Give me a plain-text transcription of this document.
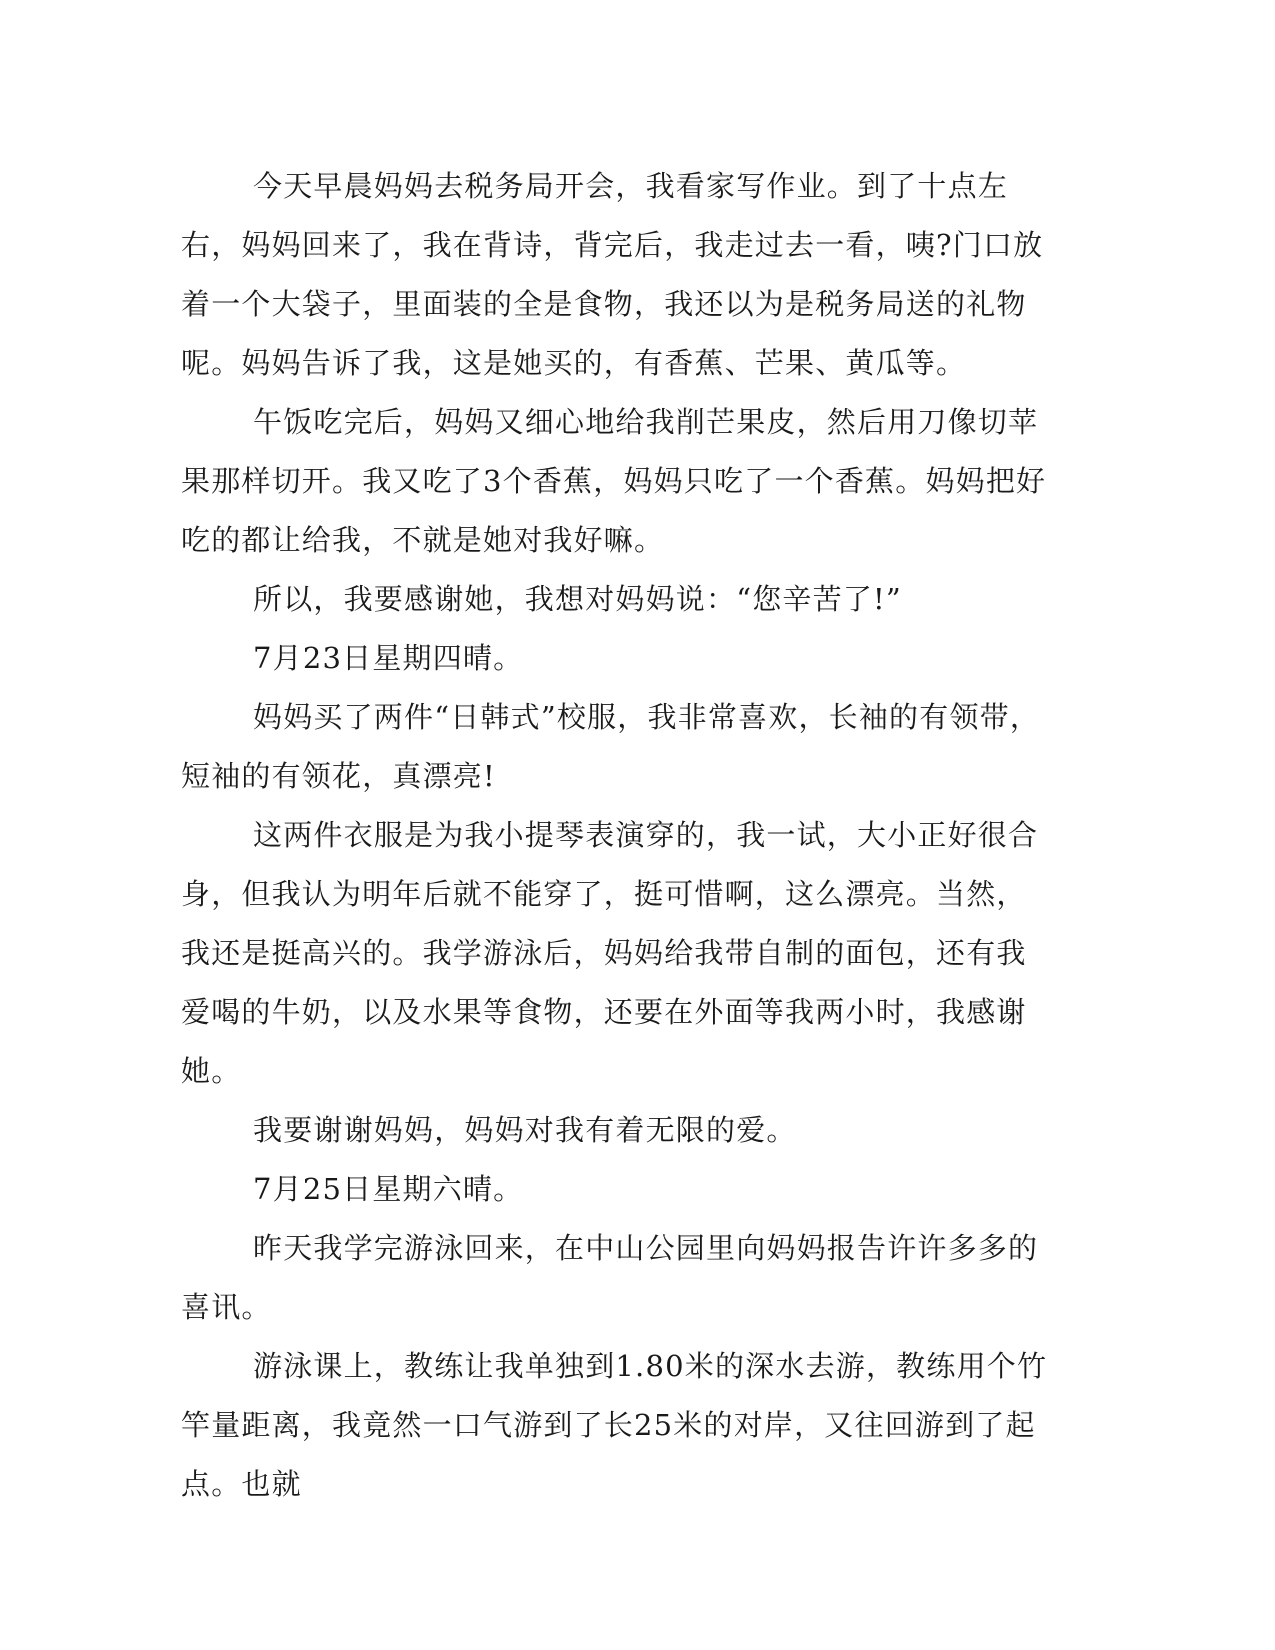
今天早晨妈妈去税务局开会，我看家写作业。到了十点左右，妈妈回来了，我在背诗，背完后，我走过去一看，咦?门口放着一个大袋子，里面装的全是食物，我还以为是税务局送的礼物呢。妈妈告诉了我，这是她买的，有香蕉、芒果、黄瓜等。

午饭吃完后，妈妈又细心地给我削芒果皮，然后用刀像切苹果那样切开。我又吃了3个香蕉，妈妈只吃了一个香蕉。妈妈把好吃的都让给我，不就是她对我好嘛。

所以，我要感谢她，我想对妈妈说：“您辛苦了!”

7月23日星期四晴。

妈妈买了两件“日韩式”校服，我非常喜欢，长袖的有领带，短袖的有领花，真漂亮!

这两件衣服是为我小提琴表演穿的，我一试，大小正好很合身，但我认为明年后就不能穿了，挺可惜啊，这么漂亮。当然，我还是挺高兴的。我学游泳后，妈妈给我带自制的面包，还有我爱喝的牛奶，以及水果等食物，还要在外面等我两小时，我感谢她。

我要谢谢妈妈，妈妈对我有着无限的爱。

7月25日星期六晴。

昨天我学完游泳回来，在中山公园里向妈妈报告许许多多的喜讯。

游泳课上，教练让我单独到1.80米的深水去游，教练用个竹竿量距离，我竟然一口气游到了长25米的对岸，又往回游到了起点。也就
